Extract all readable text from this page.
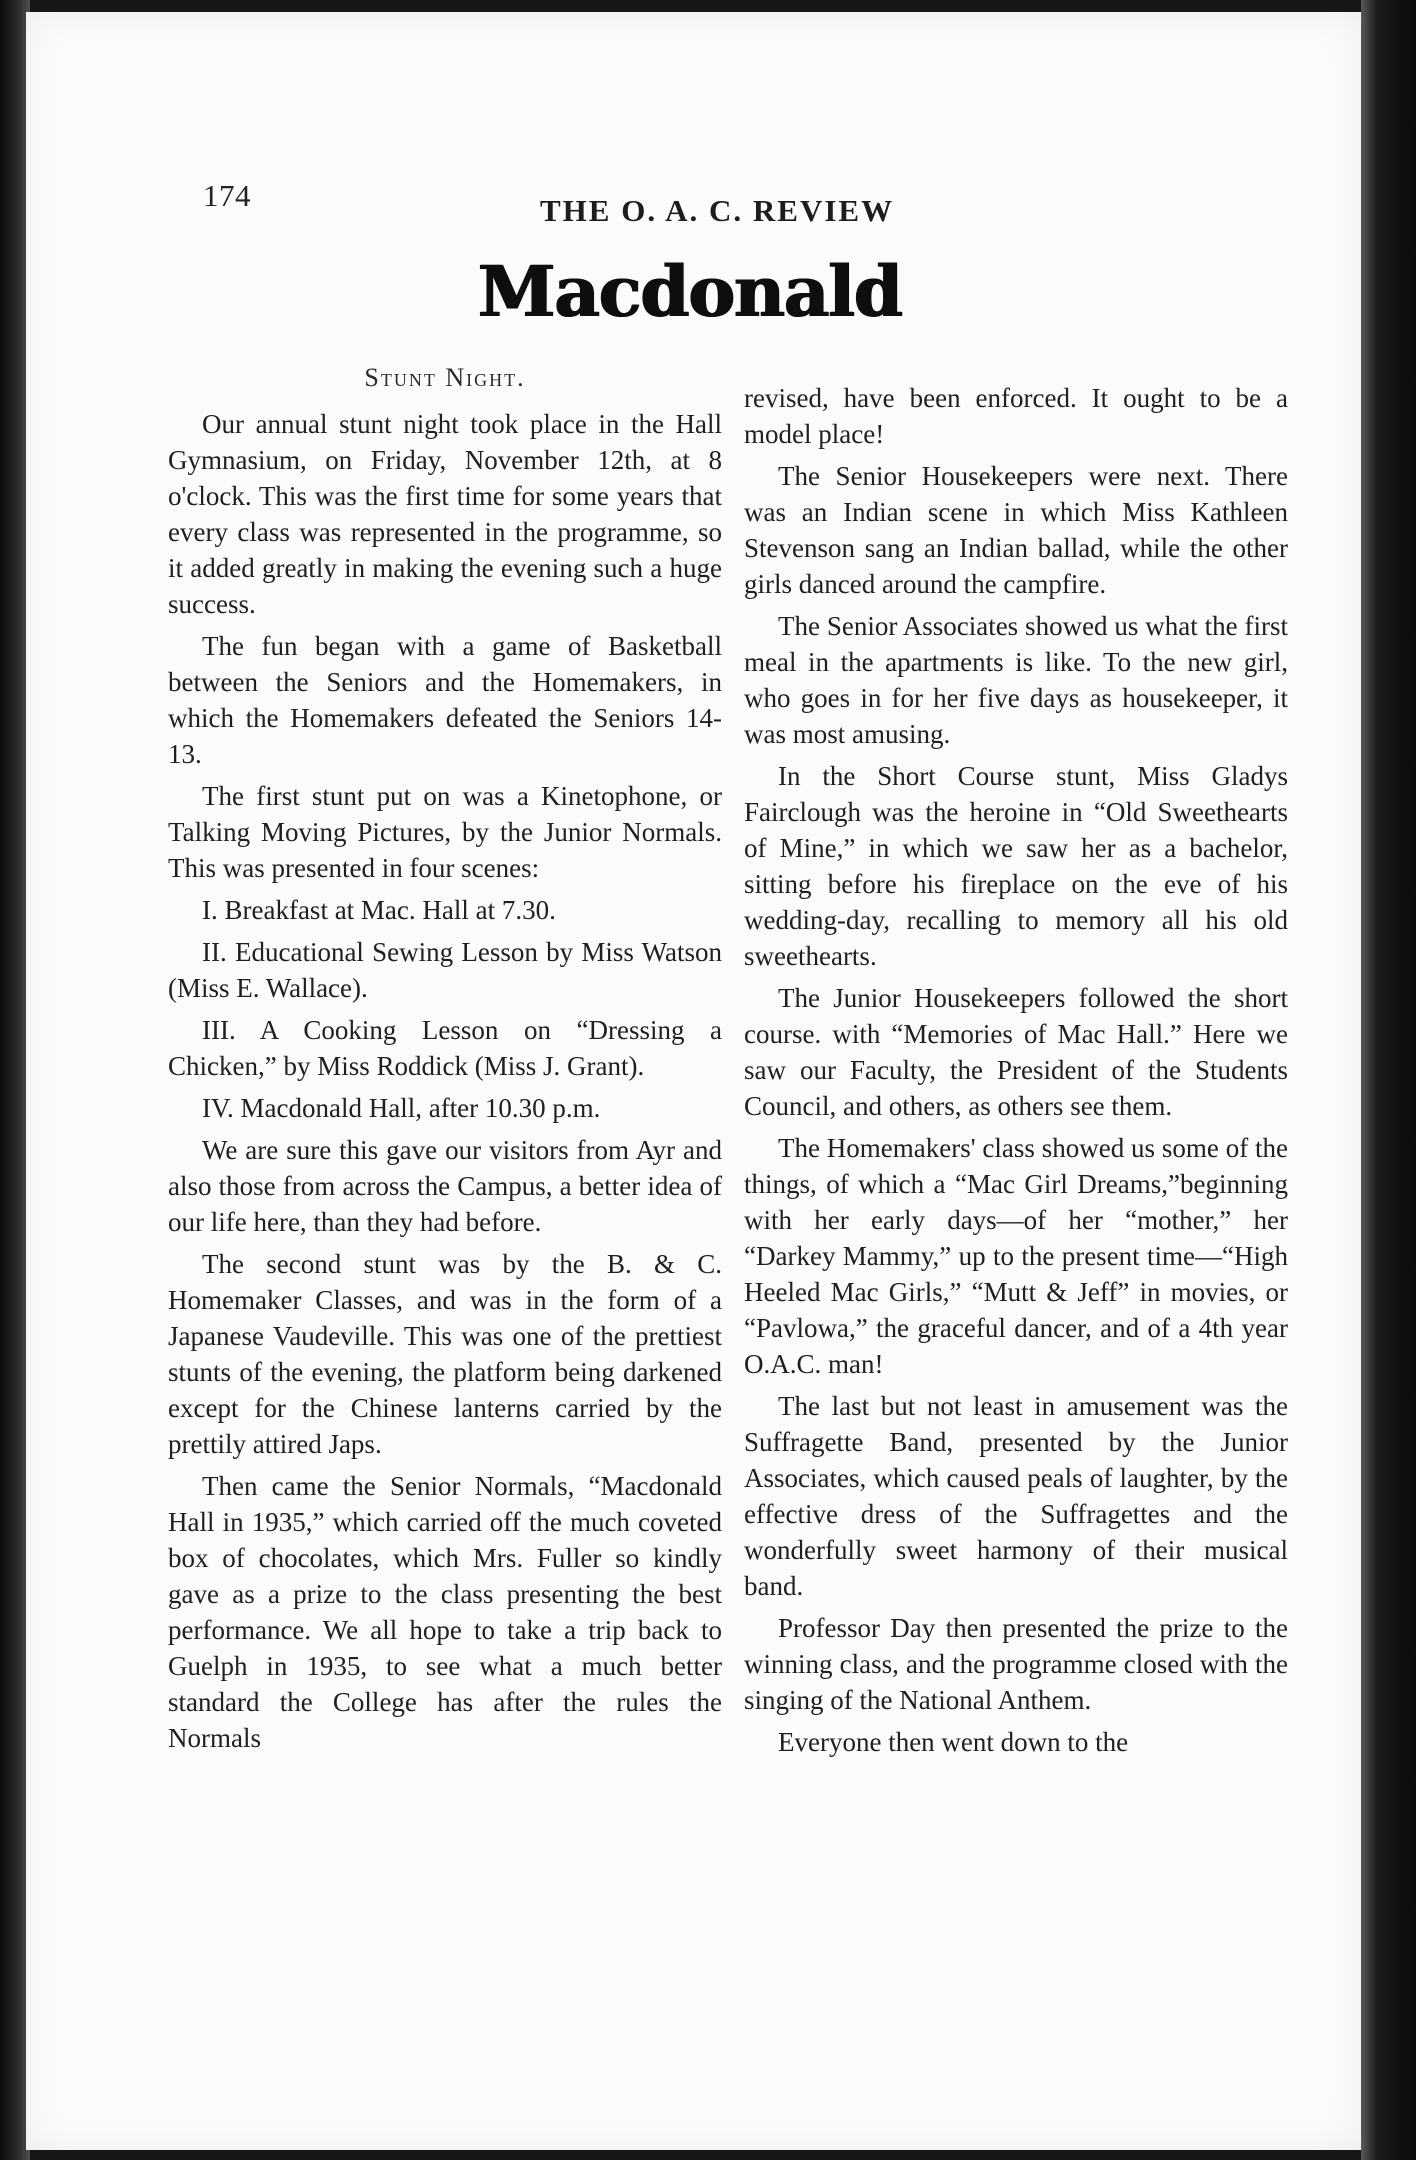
174	THE O. A. C. REVIEW
Macdonald
Stunt Night.

Our annual stunt night took place in the Hall Gymnasium, on Friday, November 12th, at 8 o'clock. This was the first time for some years that every class was represented in the programme, so it added greatly in making the evening such a huge success.

The fun began with a game of Basketball between the Seniors and the Homemakers, in which the Homemakers defeated the Seniors 14-13.

The first stunt put on was a Kinetophone, or Talking Moving Pictures, by the Junior Normals. This was presented in four scenes:

I. Breakfast at Mac. Hall at 7.30.

II. Educational Sewing Lesson by Miss Watson (Miss E. Wallace).

III. A Cooking Lesson on “Dressing a Chicken,” by Miss Roddick (Miss J. Grant).

IV. Macdonald Hall, after 10.30 p.m.

We are sure this gave our visitors from Ayr and also those from across the Campus, a better idea of our life here, than they had before.

The second stunt was by the B. & C. Homemaker Classes, and was in the form of a Japanese Vaudeville. This was one of the prettiest stunts of the evening, the platform being darkened except for the Chinese lanterns carried by the prettily attired Japs.

Then came the Senior Normals, “Macdonald Hall in 1935,” which carried off the much coveted box of chocolates, which Mrs. Fuller so kindly gave as a prize to the class presenting the best performance. We all hope to take a trip back to Guelph in 1935, to see what a much better standard the College has after the rules the Normals

revised, have been enforced. It ought to be a model place!

The Senior Housekeepers were next. There was an Indian scene in which Miss Kathleen Stevenson sang an Indian ballad, while the other girls danced around the campfire.

The Senior Associates showed us what the first meal in the apartments is like. To the new girl, who goes in for her five days as housekeeper, it was most amusing.

In the Short Course stunt, Miss Gladys Fairclough was the heroine in “Old Sweethearts of Mine,” in which we saw her as a bachelor, sitting before his fireplace on the eve of his wedding-day, recalling to memory all his old sweethearts.

The Junior Housekeepers followed the short course. with “Memories of Mac Hall.” Here we saw our Faculty, the President of the Students Council, and others, as others see them.

The Homemakers' class showed us some of the things, of which a “Mac Girl Dreams,”beginning with her early days—of her “mother,” her “Darkey Mammy,” up to the present time—“High Heeled Mac Girls,” “Mutt & Jeff” in movies, or “Pavlowa,” the graceful dancer, and of a 4th year O.A.C. man!

The last but not least in amusement was the Suffragette Band, presented by the Junior Associates, which caused peals of laughter, by the effective dress of the Suffragettes and the wonderfully sweet harmony of their musical band.

Professor Day then presented the prize to the winning class, and the programme closed with the singing of the National Anthem.

Everyone then went down to the
